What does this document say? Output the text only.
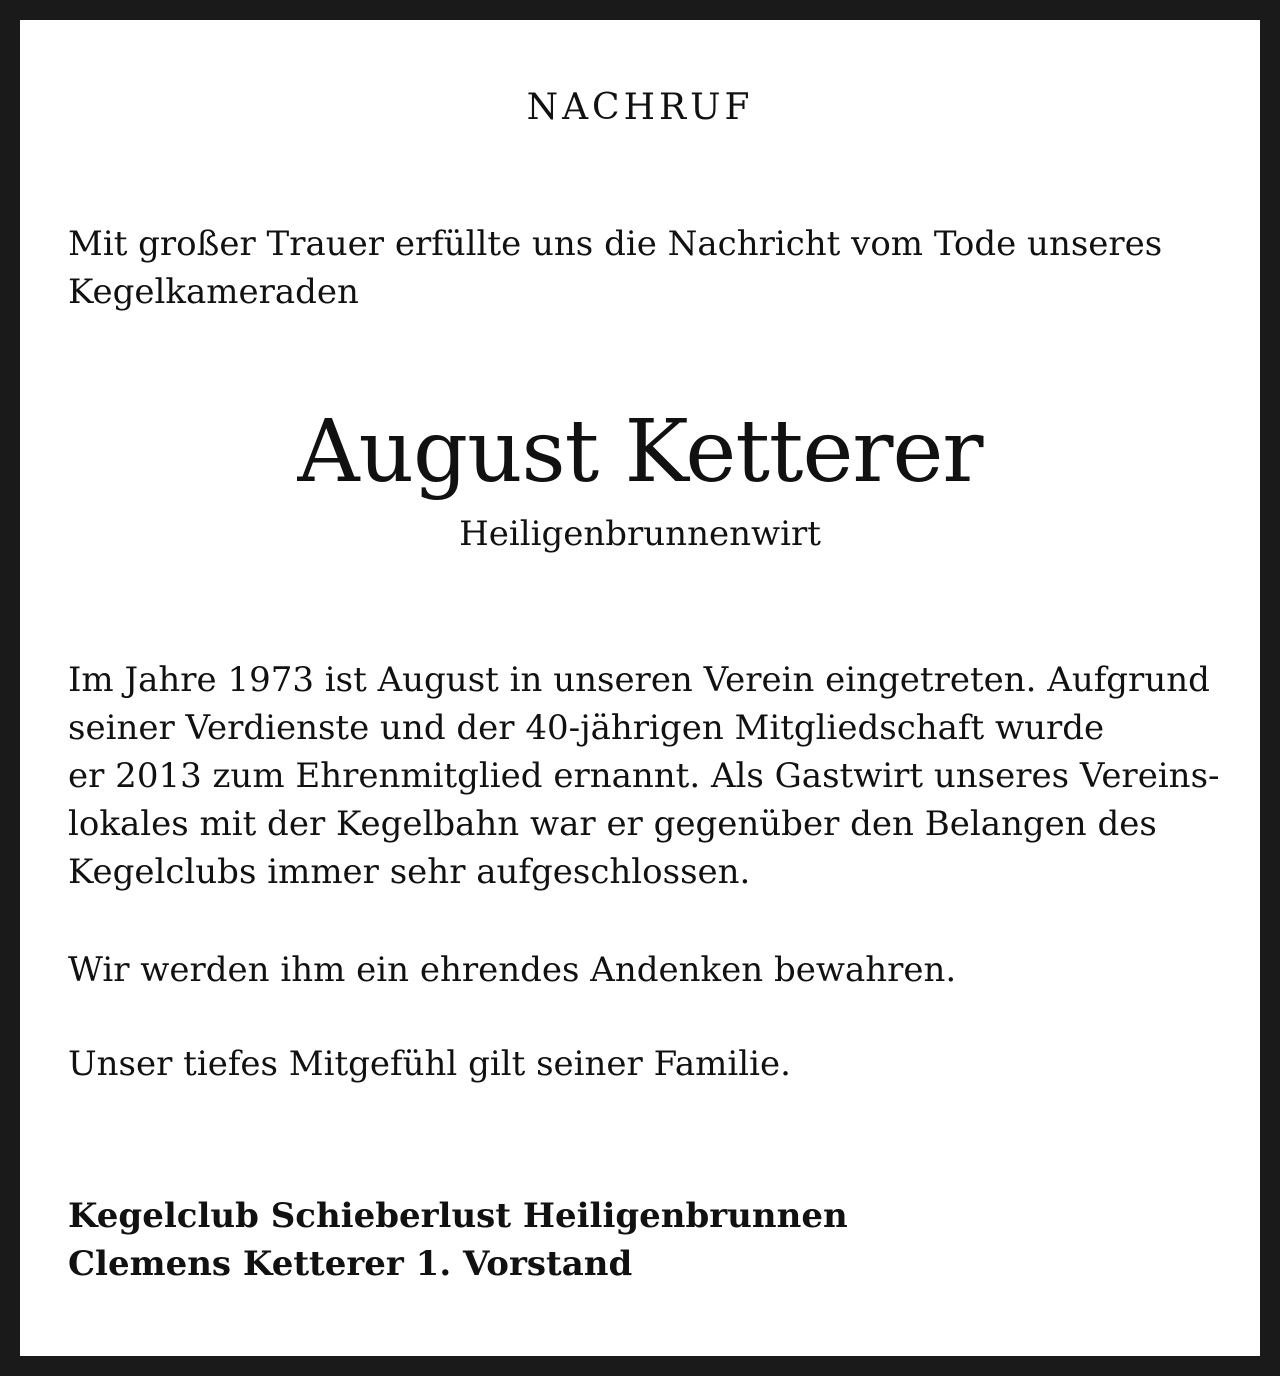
NACHRUF
Mit großer Trauer erfüllte uns die Nachricht vom Tode unseres
Kegelkameraden
August Ketterer
Heiligenbrunnenwirt
Im Jahre 1973 ist August in unseren Verein eingetreten. Aufgrund
seiner Verdienste und der 40-jährigen Mitgliedschaft wurde
er 2013 zum Ehrenmitglied ernannt. Als Gastwirt unseres Vereins-
lokales mit der Kegelbahn war er gegenüber den Belangen des
Kegelclubs immer sehr aufgeschlossen.
Wir werden ihm ein ehrendes Andenken bewahren.
Unser tiefes Mitgefühl gilt seiner Familie.
Kegelclub Schieberlust Heiligenbrunnen
Clemens Ketterer 1. Vorstand
